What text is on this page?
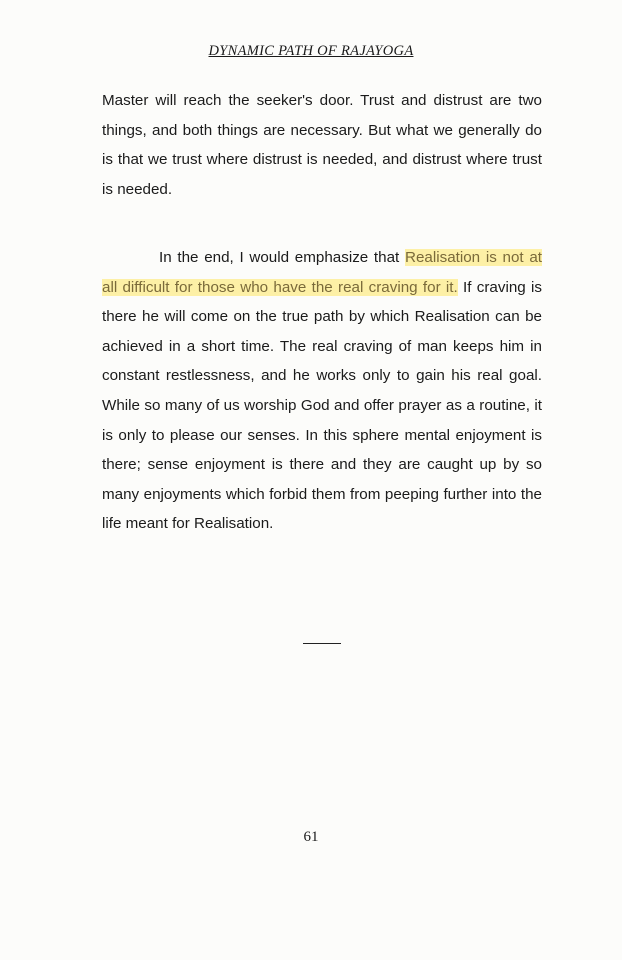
DYNAMIC PATH OF RAJAYOGA

Master will reach the seeker's door. Trust and distrust are two things, and both things are necessary. But what we generally do is that we trust where distrust is needed, and distrust where trust is needed.

In the end, I would emphasize that Realisation is not at all difficult for those who have the real craving for it. If craving is there he will come on the true path by which Realisation can be achieved in a short time. The real craving of man keeps him in constant restlessness, and he works only to gain his real goal. While so many of us worship God and offer prayer as a routine, it is only to please our senses. In this sphere mental enjoyment is there; sense enjoyment is there and they are caught up by so many enjoyments which forbid them from peeping further into the life meant for Realisation.

61
